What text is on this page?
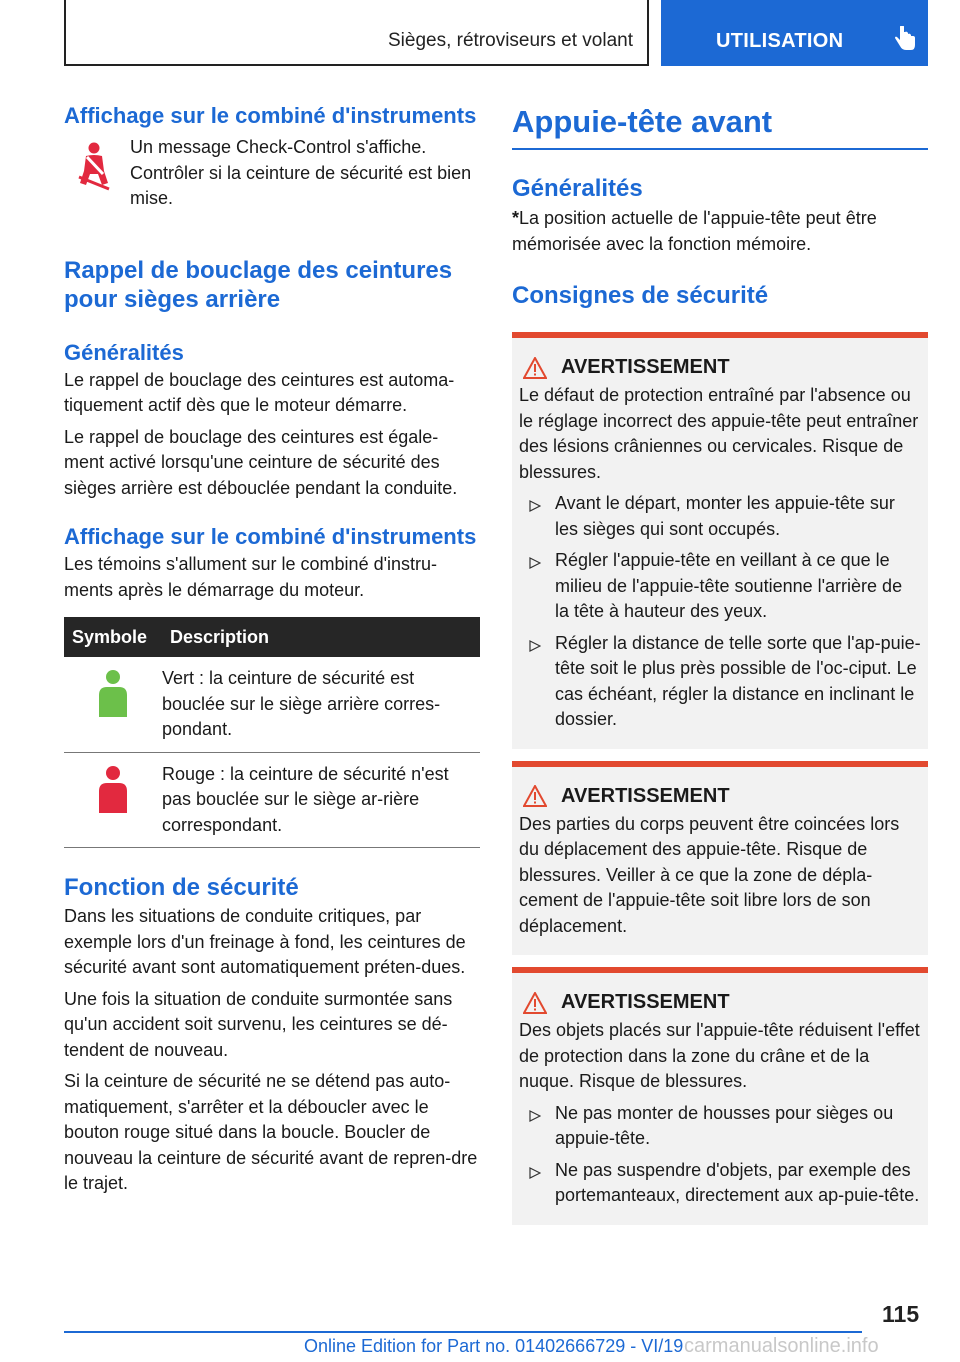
Sièges, rétroviseurs et volant	UTILISATION
Affichage sur le combiné d'instruments
Un message Check-Control s'affiche. Contrôler si la ceinture de sécurité est bien mise.
Rappel de bouclage des ceintures pour sièges arrière
Généralités
Le rappel de bouclage des ceintures est automa-tiquement actif dès que le moteur démarre.
Le rappel de bouclage des ceintures est égale-ment activé lorsqu'une ceinture de sécurité des sièges arrière est débouclée pendant la conduite.
Affichage sur le combiné d'instruments
Les témoins s'allument sur le combiné d'instru-ments après le démarrage du moteur.
Symbole	Description
	Vert : la ceinture de sécurité est bouclée sur le siège arrière corres-pondant.
	Rouge : la ceinture de sécurité n'est pas bouclée sur le siège ar-rière correspondant.
Fonction de sécurité
Dans les situations de conduite critiques, par exemple lors d'un freinage à fond, les ceintures de sécurité avant sont automatiquement préten-dues.
Une fois la situation de conduite surmontée sans qu'un accident soit survenu, les ceintures se dé-tendent de nouveau.
Si la ceinture de sécurité ne se détend pas auto-matiquement, s'arrêter et la déboucler avec le bouton rouge situé dans la boucle. Boucler de nouveau la ceinture de sécurité avant de repren-dre le trajet.
Appuie-tête avant
Généralités
*La position actuelle de l'appuie-tête peut être mémorisée avec la fonction mémoire.
Consignes de sécurité
AVERTISSEMENT
Le défaut de protection entraîné par l'absence ou le réglage incorrect des appuie-tête peut entraîner des lésions crâniennes ou cervicales. Risque de blessures.
Avant le départ, monter les appuie-tête sur les sièges qui sont occupés.
Régler l'appuie-tête en veillant à ce que le milieu de l'appuie-tête soutienne l'arrière de la tête à hauteur des yeux.
Régler la distance de telle sorte que l'ap-puie-tête soit le plus près possible de l'oc-ciput. Le cas échéant, régler la distance en inclinant le dossier.
AVERTISSEMENT
Des parties du corps peuvent être coincées lors du déplacement des appuie-tête. Risque de blessures. Veiller à ce que la zone de dépla-cement de l'appuie-tête soit libre lors de son déplacement.
AVERTISSEMENT
Des objets placés sur l'appuie-tête réduisent l'effet de protection dans la zone du crâne et de la nuque. Risque de blessures.
Ne pas monter de housses pour sièges ou appuie-tête.
Ne pas suspendre d'objets, par exemple des portemanteaux, directement aux ap-puie-tête.
115
Online Edition for Part no. 01402666729 - VI/19 carmanualsonline.info
